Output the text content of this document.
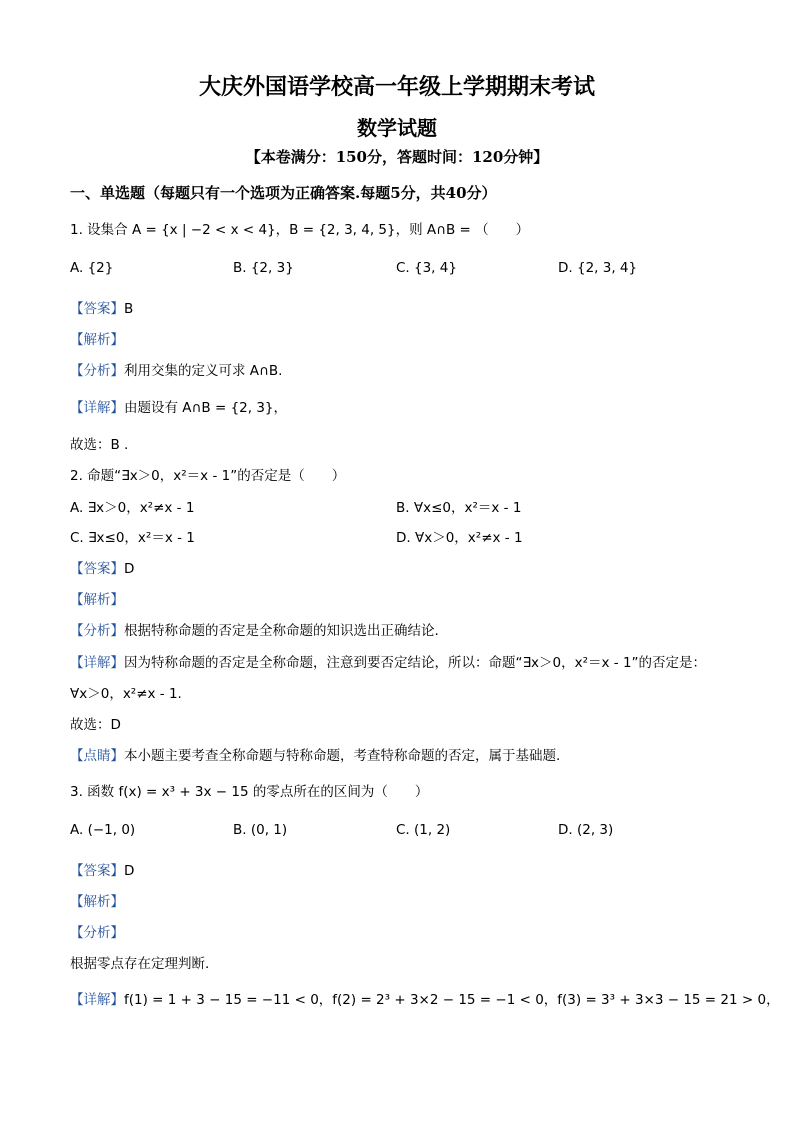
大庆外国语学校高一年级上学期期末考试
数学试题
【本卷满分：150分，答题时间：120分钟】
一、单选题（每题只有一个选项为正确答案.每题5分，共40分）
1. 设集合 A = {x | −2 < x < 4}，B = {2, 3, 4, 5}，则 A∩B = （　　）
A. {2}	B. {2, 3}	C. {3, 4}	D. {2, 3, 4}
【答案】B
【解析】
【分析】利用交集的定义可求 A∩B.
【详解】由题设有 A∩B = {2, 3}，
故选：B .
2. 命题“∃x＞0，x²＝x - 1”的否定是（　　）
A. ∃x＞0，x²≠x - 1	B. ∀x≤0，x²＝x - 1
C. ∃x≤0，x²＝x - 1	D. ∀x＞0，x²≠x - 1
【答案】D
【解析】
【分析】根据特称命题的否定是全称命题的知识选出正确结论.
【详解】因为特称命题的否定是全称命题，注意到要否定结论，所以：命题“∃x＞0，x²＝x - 1”的否定是：
∀x＞0，x²≠x - 1.
故选：D
【点睛】本小题主要考查全称命题与特称命题，考查特称命题的否定，属于基础题.
3. 函数 f(x) = x³ + 3x − 15 的零点所在的区间为（　　）
A. (−1, 0)	B. (0, 1)	C. (1, 2)	D. (2, 3)
【答案】D
【解析】
【分析】
根据零点存在定理判断.
【详解】f(1) = 1 + 3 − 15 = −11 < 0，f(2) = 2³ + 3×2 − 15 = −1 < 0，f(3) = 3³ + 3×3 − 15 = 21 > 0，
